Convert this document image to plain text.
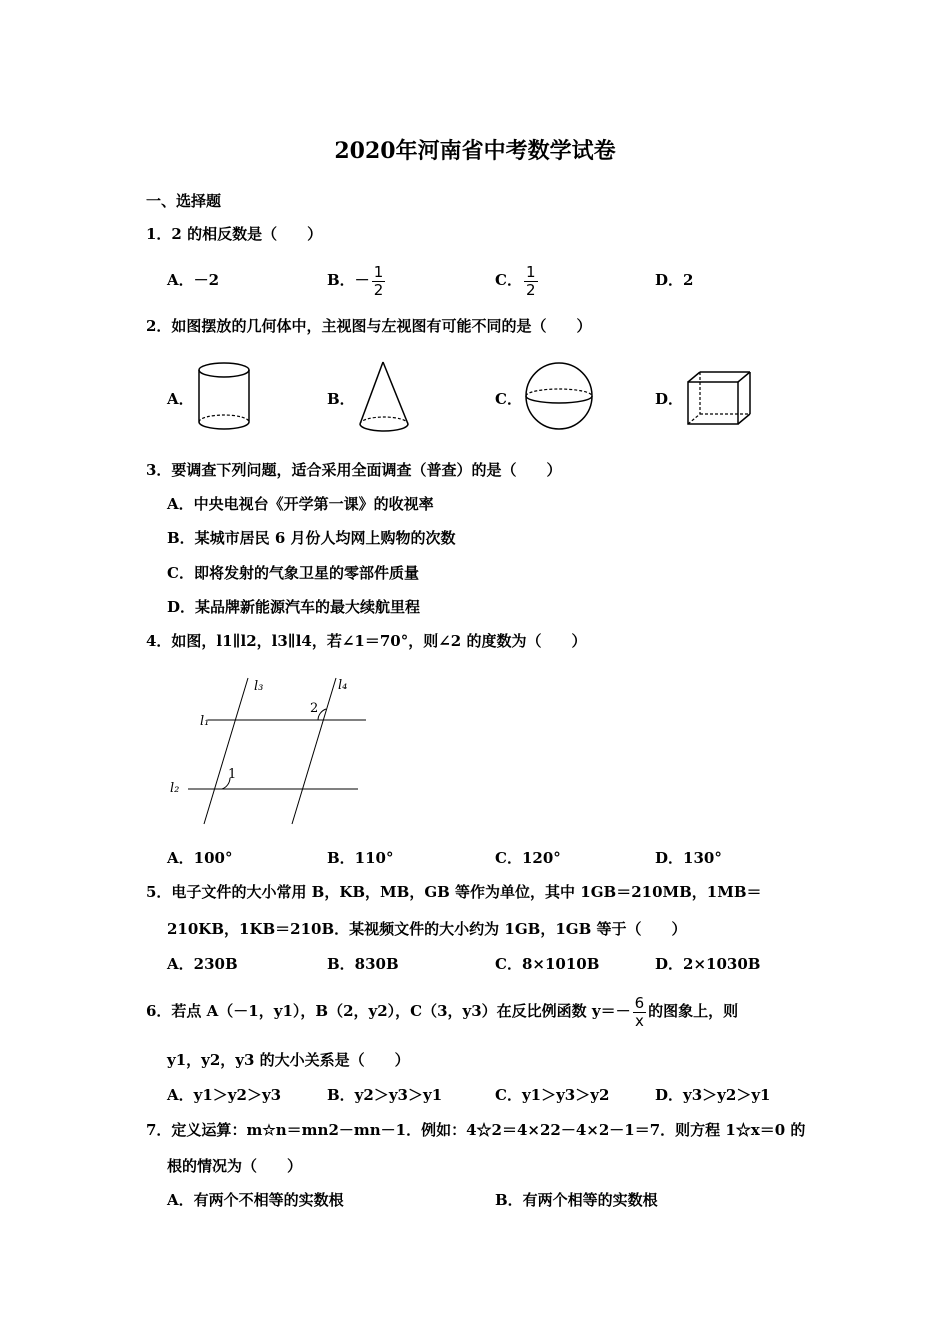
2020年河南省中考数学试卷
一、选择题
1．2 的相反数是（　　）
A．－2	B．－ $\frac{1}{2}$	C． $\frac{1}{2}$	D．2
2．如图摆放的几何体中，主视图与左视图有可能不同的是（　　）
A．	B．	C．	D．
3．要调查下列问题，适合采用全面调查（普查）的是（　　）
A．中央电视台《开学第一课》的收视率
B．某城市居民 6 月份人均网上购物的次数
C．即将发射的气象卫星的零部件质量
D．某品牌新能源汽车的最大续航里程
4．如图，l1∥l2，l3∥l4，若∠1＝70°，则∠2 的度数为（　　）
l₃	l₄
l₁
l₂
1
2
A．100°	B．110°	C．120°	D．130°
5．电子文件的大小常用 B，KB，MB，GB 等作为单位，其中 1GB＝210MB，1MB＝
210KB，1KB＝210B．某视频文件的大小约为 1GB，1GB 等于（　　）
A．230B	B．830B	C．8×1010B	D．2×1030B
6．若点 A（－1，y1），B（2，y2），C（3，y3）在反比例函数 $y=- \frac{6}{x}$ 的图象上，则
y1，y2，y3 的大小关系是（　　）
A．y1＞y2＞y3	B．y2＞y3＞y1	C．y1＞y3＞y2	D．y3＞y2＞y1
7．定义运算：m☆n＝mn2－mn－1．例如：4☆2＝4×22－4×2－1＝7．则方程 1☆x＝0 的
根的情况为（　　）
A．有两个不相等的实数根	B．有两个相等的实数根
